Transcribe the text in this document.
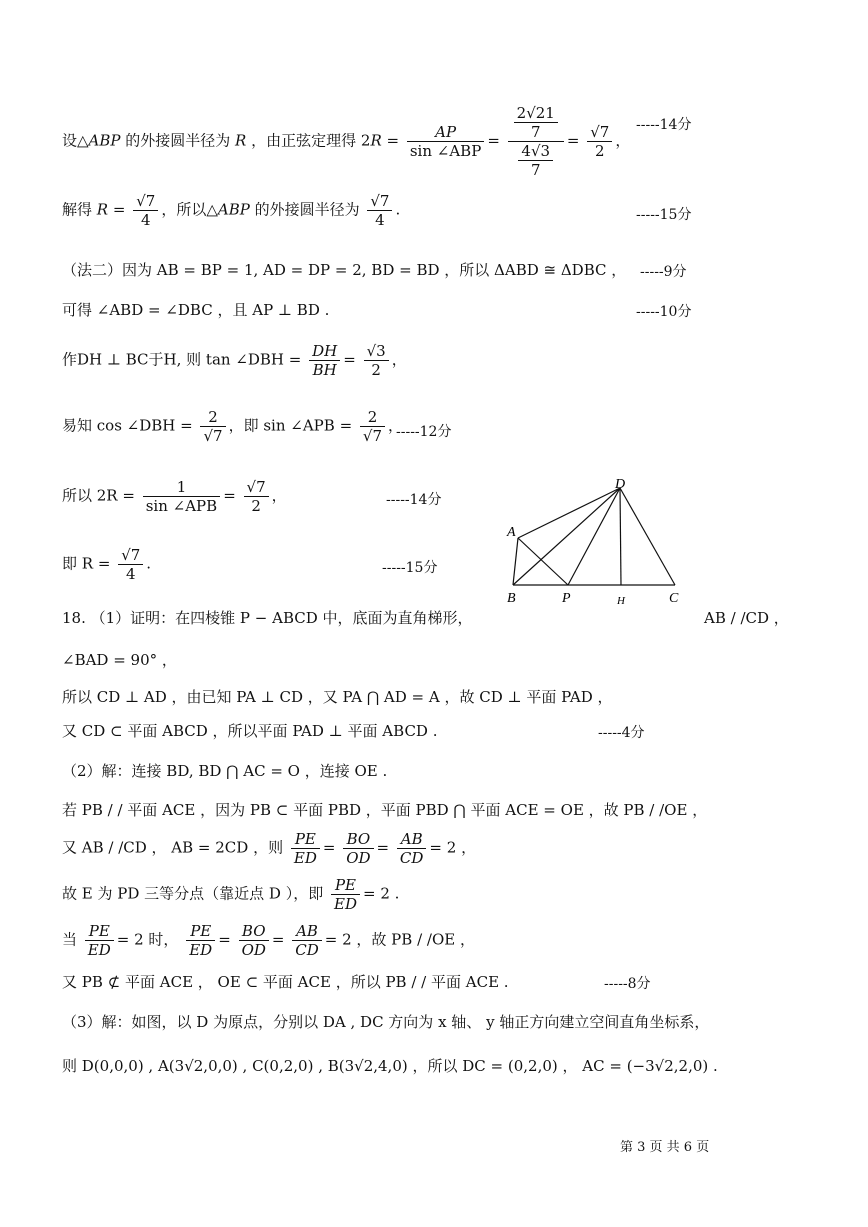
设△ABP 的外接圆半径为 R ，由正弦定理得 $2R = \frac{AP}{\text{sin ∠ABP}} = \frac{\frac{2√21}{7}}{\frac{4√3}{7}} = \frac{√7}{2}$ ，
-----14分
解得 $R = \frac{√7}{4}$ ，所以△ABP 的外接圆半径为 $\frac{√7}{4}$ .	-----15分
（法二）因为 AB = BP = 1, AD = DP = 2, BD = BD ，所以 ΔABD ≅ ΔDBC ， -----9分
可得 ∠ABD = ∠DBC ，且 AP ⊥ BD .	-----10分
作DH ⊥ BC于H, 则 tan ∠DBH = $\frac{DH}{BH} = \frac{√3}{2}$ ，
易知 cos ∠DBH = $\frac{2}{√7}$ ，即 sin ∠APB = $\frac{2}{√7}$ ，
-----12分
所以 $2R = \frac{1}{\text{sin ∠APB}} = \frac{√7}{2}$ ，	-----14分
即 $R = \frac{√7}{4}$ .	-----15分
D
A
B	P	H	C
18. （1）证明：在四棱锥 P − ABCD 中，底面为直角梯形，	AB / /CD ，
∠BAD = 90° ，
所以 CD ⊥ AD ，由已知 PA ⊥ CD ，又 PA ⋂ AD = A ，故 CD ⊥ 平面 PAD ，
又 CD ⊂ 平面 ABCD ，所以平面 PAD ⊥ 平面 ABCD .	-----4分
（2）解：连接 BD, BD ⋂ AC = O ，连接 OE .
若 PB / / 平面 ACE ，因为 PB ⊂ 平面 PBD ，平面 PBD ⋂ 平面 ACE = OE ，故 PB / /OE ，
又 AB / /CD ， AB = 2CD ，则 $\frac{PE}{ED} = \frac{BO}{OD} = \frac{AB}{CD} = 2$ ，
故 E 为 PD 三等分点（靠近点 D ），即 $\frac{PE}{ED} = 2$ .
当 $\frac{PE}{ED} = 2$ 时， $\frac{PE}{ED} = \frac{BO}{OD} = \frac{AB}{CD} = 2$ ，故 PB / /OE ，
又 PB ⊄ 平面 ACE ， OE ⊂ 平面 ACE ，所以 PB / / 平面 ACE .	-----8分
（3）解：如图，以 D 为原点，分别以 DA , DC 方向为 x 轴、 y 轴正方向建立空间直角坐标系，
则 D(0,0,0) , A(3√2,0,0) , C(0,2,0) , B(3√2,4,0) ，所以 DC = (0,2,0) ， AC = (−3√2,2,0) .
第 3 页 共 6 页
